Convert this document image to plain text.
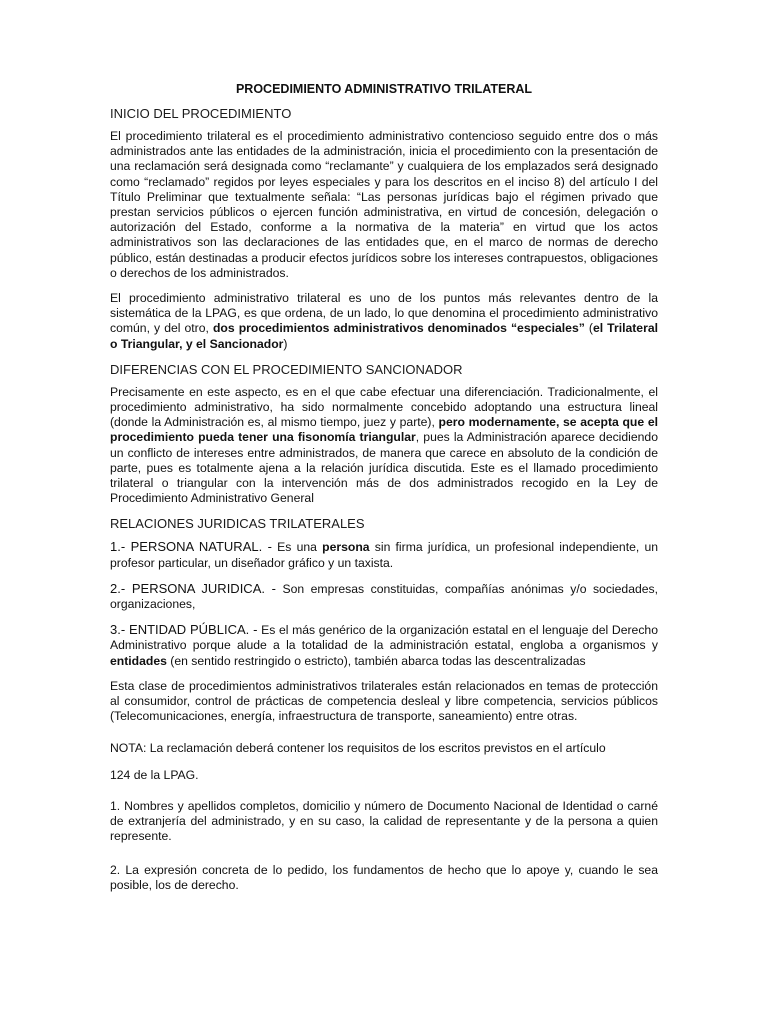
PROCEDIMIENTO ADMINISTRATIVO TRILATERAL
INICIO DEL PROCEDIMIENTO
El procedimiento trilateral es el procedimiento administrativo contencioso seguido entre dos o más administrados ante las entidades de la administración, inicia el procedimiento con la presentación de una reclamación será designada como “reclamante” y cualquiera de los emplazados será designado como “reclamado” regidos por leyes especiales y para los descritos en el inciso 8) del artículo I del Título Preliminar que textualmente señala: “Las personas jurídicas bajo el régimen privado que prestan servicios públicos o ejercen función administrativa, en virtud de concesión, delegación o autorización del Estado, conforme a la normativa de la materia” en virtud que los actos administrativos son las declaraciones de las entidades que, en el marco de normas de derecho público, están destinadas a producir efectos jurídicos sobre los intereses contrapuestos, obligaciones o derechos de los administrados.
El procedimiento administrativo trilateral es uno de los puntos más relevantes dentro de la sistemática de la LPAG, es que ordena, de un lado, lo que denomina el procedimiento administrativo común, y del otro, dos procedimientos administrativos denominados “especiales” (el Trilateral o Triangular, y el Sancionador)
DIFERENCIAS CON EL PROCEDIMIENTO SANCIONADOR
Precisamente en este aspecto, es en el que cabe efectuar una diferenciación. Tradicionalmente, el procedimiento administrativo, ha sido normalmente concebido adoptando una estructura lineal (donde la Administración es, al mismo tiempo, juez y parte), pero modernamente, se acepta que el procedimiento pueda tener una fisonomía triangular, pues la Administración aparece decidiendo un conflicto de intereses entre administrados, de manera que carece en absoluto de la condición de parte, pues es totalmente ajena a la relación jurídica discutida. Este es el llamado procedimiento trilateral o triangular con la intervención más de dos administrados recogido en la Ley de Procedimiento Administrativo General
RELACIONES JURIDICAS TRILATERALES
1.- PERSONA NATURAL. - Es una persona sin firma jurídica, un profesional independiente, un profesor particular, un diseñador gráfico y un taxista.
2.- PERSONA JURIDICA. - Son empresas constituidas, compañías anónimas y/o sociedades, organizaciones,
3.- ENTIDAD PÚBLICA. - Es el más genérico de la organización estatal en el lenguaje del Derecho Administrativo porque alude a la totalidad de la administración estatal, engloba a organismos y entidades (en sentido restringido o estricto), también abarca todas las descentralizadas
Esta clase de procedimientos administrativos trilaterales están relacionados en temas de protección al consumidor, control de prácticas de competencia desleal y libre competencia, servicios públicos (Telecomunicaciones, energía, infraestructura de transporte, saneamiento) entre otras.
NOTA: La reclamación deberá contener los requisitos de los escritos previstos en el artículo
124 de la LPAG.
1. Nombres y apellidos completos, domicilio y número de Documento Nacional de Identidad o carné de extranjería del administrado, y en su caso, la calidad de representante y de la persona a quien represente.
2. La expresión concreta de lo pedido, los fundamentos de hecho que lo apoye y, cuando le sea posible, los de derecho.
